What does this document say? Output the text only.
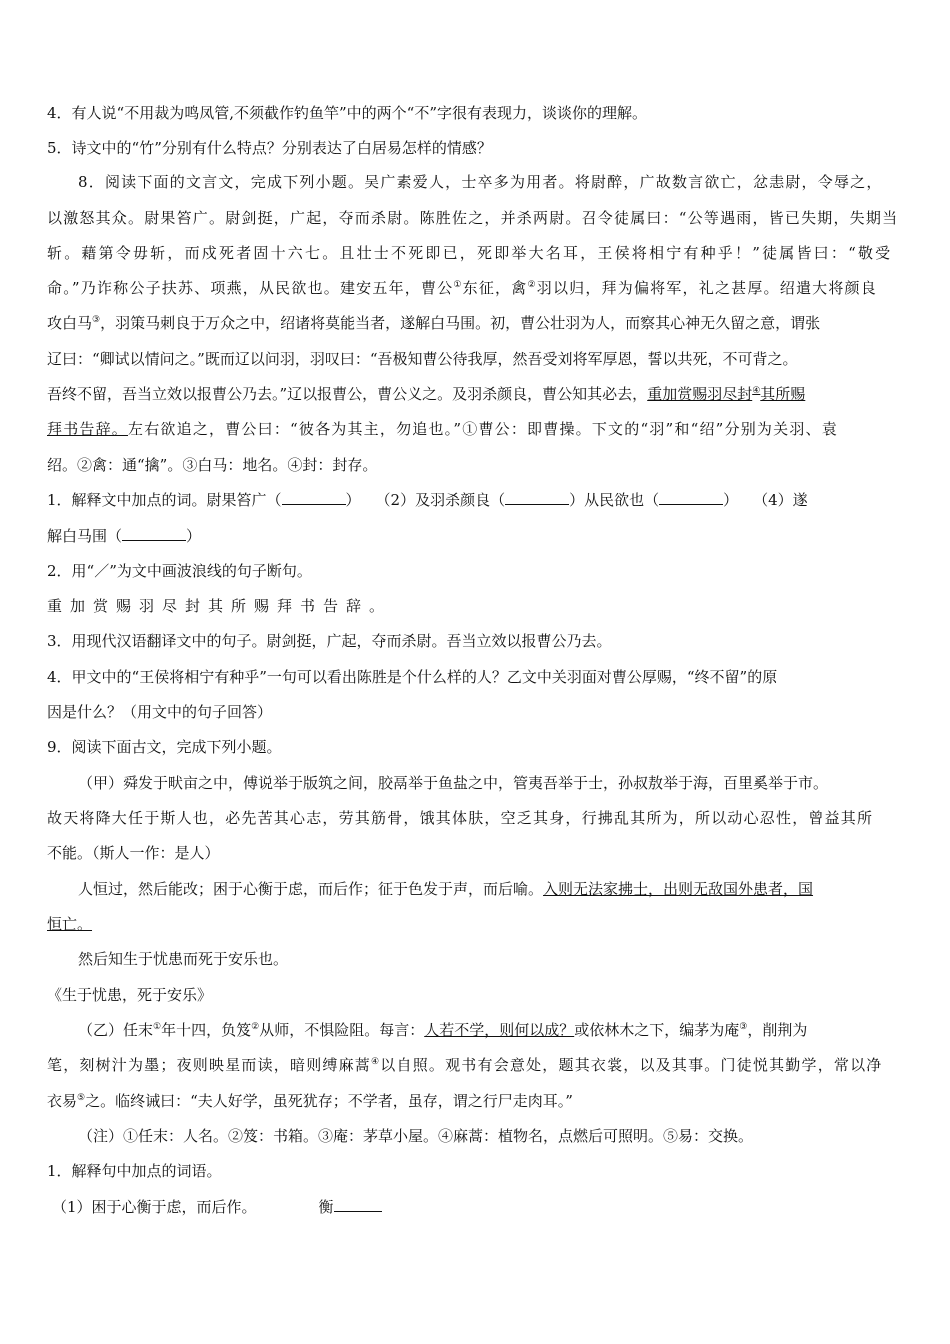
4．有人说“不用裁为鸣凤管,不须截作钓鱼竿”中的两个“不”字很有表现力，谈谈你的理解。
5．诗文中的“竹”分别有什么特点？分别表达了白居易怎样的情感？
8．阅读下面的文言文，完成下列小题。吴广素爱人，士卒多为用者。将尉醉，广故数言欲亡，忿恚尉，令辱之，
以激怒其众。尉果笞广。尉剑挺，广起，夺而杀尉。陈胜佐之，并杀两尉。召令徒属曰：“公等遇雨，皆已失期，失期当
斩。藉第令毋斩，而戍死者固十六七。且壮士不死即已，死即举大名耳，王侯将相宁有种乎！”徒属皆曰：“敬受
命。”乃诈称公子扶苏、项燕，从民欲也。建安五年，曹公①东征，禽②羽以归，拜为偏将军，礼之甚厚。绍遣大将颜良
攻白马③，羽策马刺良于万众之中，绍诸将莫能当者，遂解白马围。初，曹公壮羽为人，而察其心神无久留之意，谓张
辽曰：“卿试以情问之。”既而辽以问羽，羽叹曰：“吾极知曹公待我厚，然吾受刘将军厚恩，誓以共死，不可背之。
吾终不留，吾当立效以报曹公乃去。”辽以报曹公，曹公义之。及羽杀颜良，曹公知其必去，重加赏赐羽尽封④其所赐
拜书告辞。左右欲追之，曹公曰：“彼各为其主，勿追也。”①曹公：即曹操。下文的“羽”和“绍”分别为关羽、袁
绍。②禽：通“擒”。③白马：地名。④封：封存。
1．解释文中加点的词。尉果笞广（	）　　（2）及羽杀颜良（	）从民欲也（	）　　（4）遂
解白马围（	）
2．用“／”为文中画波浪线的句子断句。
重加赏赐羽尽封其所赐拜书告辞。
3．用现代汉语翻译文中的句子。尉剑挺，广起，夺而杀尉。吾当立效以报曹公乃去。
4．甲文中的“王侯将相宁有种乎”一句可以看出陈胜是个什么样的人？乙文中关羽面对曹公厚赐，“终不留”的原
因是什么？（用文中的句子回答）
9．阅读下面古文，完成下列小题。
（甲）舜发于畎亩之中，傅说举于版筑之间，胶鬲举于鱼盐之中，管夷吾举于士，孙叔敖举于海，百里奚举于市。
故天将降大任于斯人也，必先苦其心志，劳其筋骨，饿其体肤，空乏其身，行拂乱其所为，所以动心忍性，曾益其所
不能。（斯人一作：是人）
人恒过，然后能改；困于心衡于虑，而后作；征于色发于声，而后喻。入则无法家拂士，出则无敌国外患者，国
恒亡。
然后知生于忧患而死于安乐也。
《生于忧患，死于安乐》
（乙）任末①年十四，负笈②从师，不惧险阻。每言：人若不学，则何以成？或依林木之下，编茅为庵③，削荆为
笔，刻树汁为墨；夜则映星而读，暗则缚麻蒿④以自照。观书有会意处，题其衣裳，以及其事。门徒悦其勤学，常以净
衣易⑤之。临终诫曰：“夫人好学，虽死犹存；不学者，虽存，谓之行尸走肉耳。”
（注）①任末：人名。②笈：书箱。③庵：茅草小屋。④麻蒿：植物名，点燃后可照明。⑤易：交换。
1．解释句中加点的词语。
（1）困于心衡于虑，而后作。	衡
